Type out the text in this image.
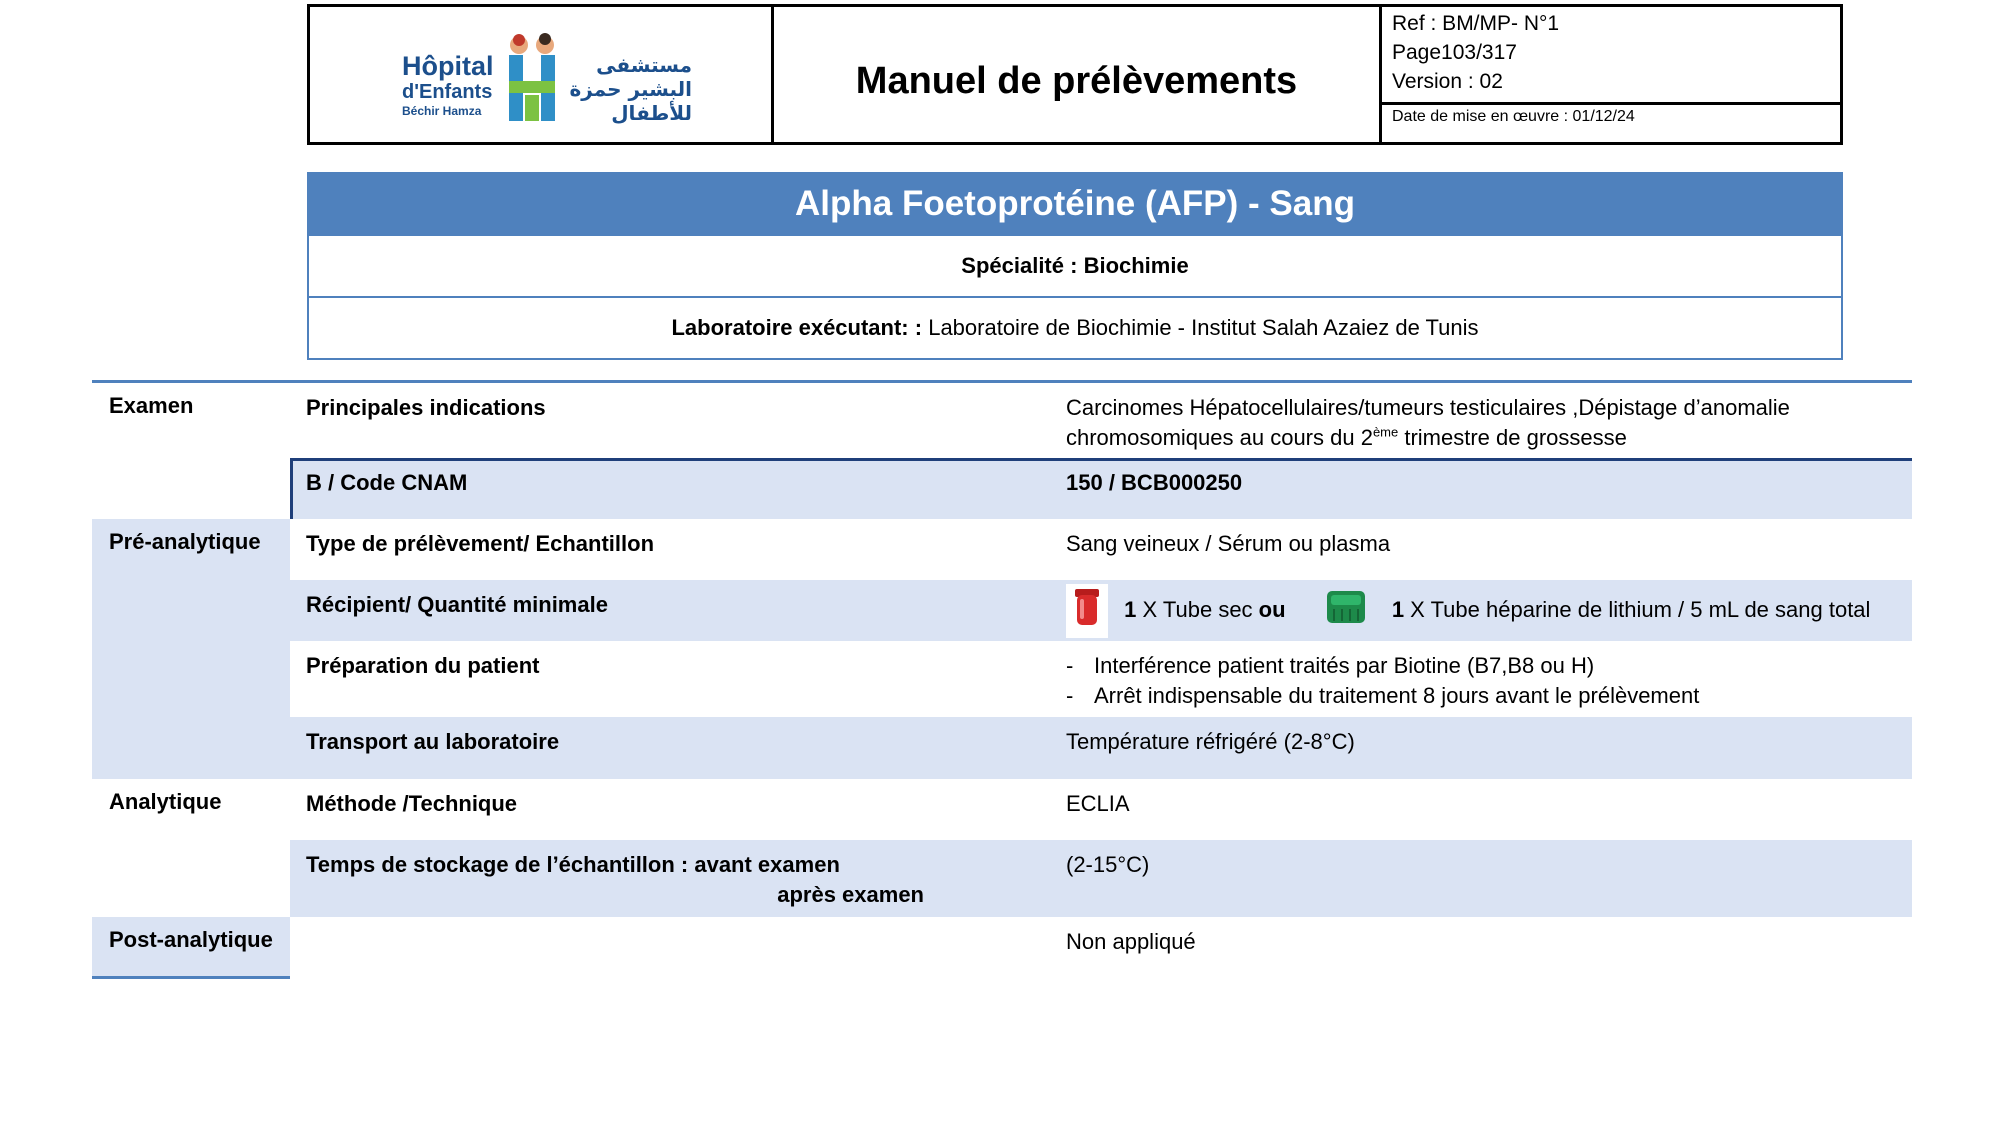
Hôpital
d'Enfants
Béchir Hamza
مستشفى
البشير حمزة
للأطفال
Manuel de prélèvements
Ref : BM/MP- N°1
Page103/317
Version : 02
Date de mise en œuvre : 01/12/24
Alpha Foetoprotéine (AFP) - Sang
Spécialité :
Biochimie
Laboratoire exécutant: :
Laboratoire de Biochimie - Institut Salah Azaiez de Tunis
Examen	Principales indications	Carcinomes Hépatocellulaires/tumeurs testiculaires ,Dépistage d’anomalie
chromosomiques au cours du 2ème trimestre de grossesse
B / Code CNAM	150 / BCB000250
Pré-analytique Type de prélèvement/ Echantillon	Sang veineux / Sérum ou plasma
Récipient/ Quantité minimale	1 X Tube sec ou	1 X Tube héparine de lithium / 5 mL de sang total
Préparation du patient
-	Interférence patient traités par Biotine (B7,B8 ou H)
- Arrêt indispensable du traitement 8 jours avant le prélèvement
Transport au laboratoire	Température réfrigéré (2-8°C)
Analytique	Méthode /Technique	ECLIA
Temps de stockage de l’échantillon : avant examen
après examen
(2-15°C)
Post-analytique	Non appliqué
